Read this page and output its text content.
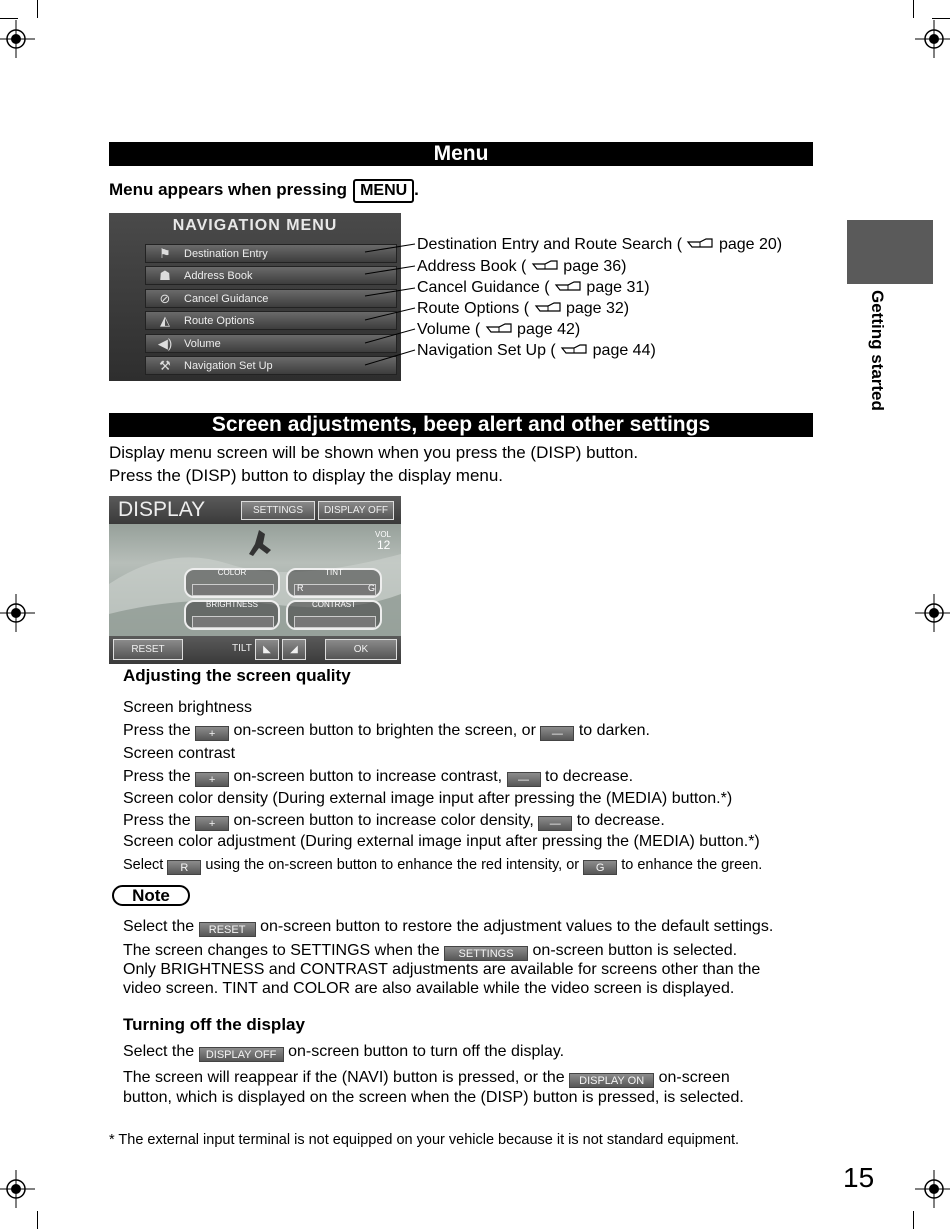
Getting started
Menu
Menu appears when pressing MENU .
NAVIGATION MENU
⚑	Destination Entry
☗	Address Book
⊘	Cancel Guidance
◭	Route Options
◀)	Volume
⚒	Navigation Set Up
Destination Entry and Route Search ( page 20)
Address Book ( page 36)
Cancel Guidance ( page 31)
Route Options ( page 32)
Volume ( page 42)
Navigation Set Up ( page 44)
Screen adjustments, beep alert and other settings
Display menu screen will be shown when you press the (DISP) button.
Press the (DISP) button to display the display menu.
DISPLAY	SETTINGS	DISPLAY OFF
VOL
12
COLOR	TINT
R	G
BRIGHTNESS	CONTRAST
RESET	TILT	◣	◢	OK
Adjusting the screen quality
Screen brightness
Press the + on-screen button to brighten the screen, or — to darken.
Screen contrast
Press the + on-screen button to increase contrast, — to decrease.
Screen color density (During external image input after pressing the (MEDIA) button.*)
Press the + on-screen button to increase color density, — to decrease.
Screen color adjustment (During external image input after pressing the (MEDIA) button.*)
Select R using the on-screen button to enhance the red intensity, or G to enhance the green.
Note
Select the RESET on-screen button to restore the adjustment values to the default settings.
The screen changes to SETTINGS when the SETTINGS on-screen button is selected.
Only BRIGHTNESS and CONTRAST adjustments are available for screens other than the
video screen. TINT and COLOR are also available while the video screen is displayed.
Turning off the display
Select the DISPLAY OFF on-screen button to turn off the display.
The screen will reappear if the (NAVI) button is pressed, or the DISPLAY ON on-screen
button, which is displayed on the screen when the (DISP) button is pressed, is selected.
* The external input terminal is not equipped on your vehicle because it is not standard equipment.
15
